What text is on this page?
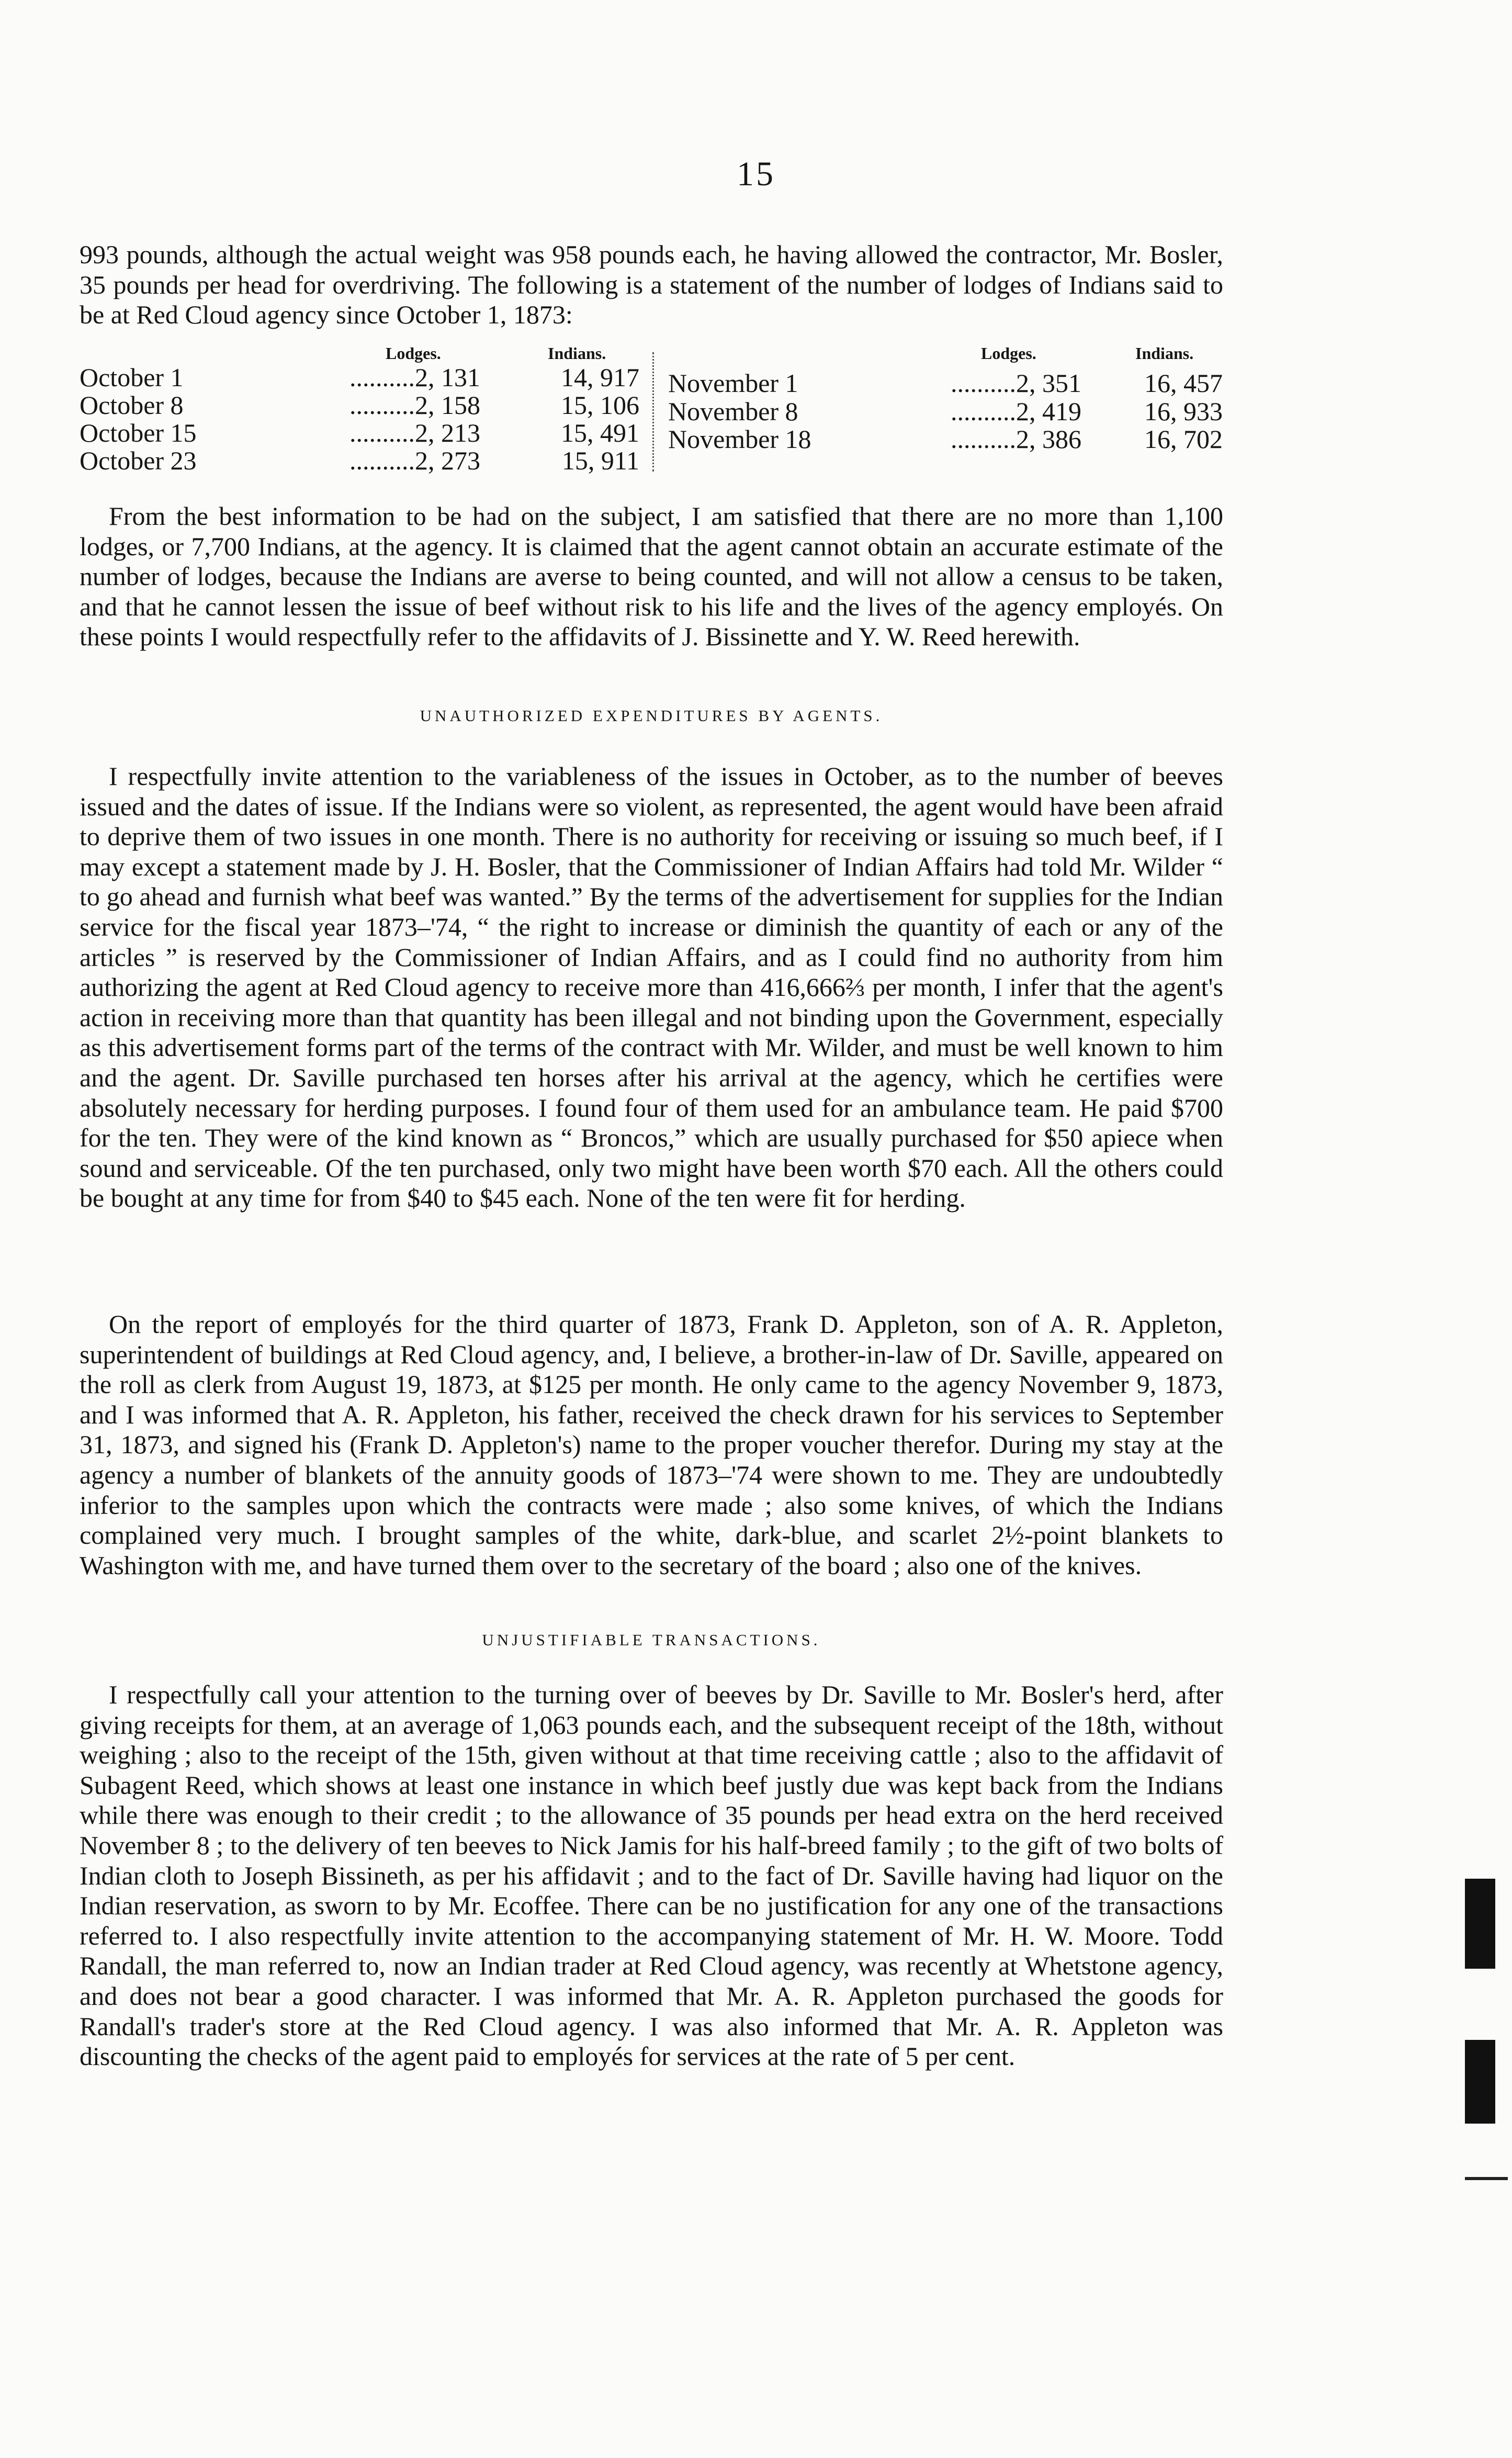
15

993 pounds, although the actual weight was 958 pounds each, he having allowed the contractor, Mr. Bosler, 35 pounds per head for overdriving. The following is a statement of the number of lodges of Indians said to be at Red Cloud agency since October 1, 1873:

Lodges.	Indians.	Lodges.	Indians.
October 1	..........2, 131	14, 917
October 8	..........2, 158	15, 106
October 15	..........2, 213	15, 491
October 23	..........2, 273	15, 911
November 1	..........2, 351	16, 457
November 8	..........2, 419	16, 933
November 18	..........2, 386	16, 702

From the best information to be had on the subject, I am satisfied that there are no more than 1,100 lodges, or 7,700 Indians, at the agency. It is claimed that the agent cannot obtain an accurate estimate of the number of lodges, because the Indians are averse to being counted, and will not allow a census to be taken, and that he cannot lessen the issue of beef without risk to his life and the lives of the agency employés. On these points I would respectfully refer to the affidavits of J. Bissinette and Y. W. Reed herewith.

UNAUTHORIZED EXPENDITURES BY AGENTS.

I respectfully invite attention to the variableness of the issues in October, as to the number of beeves issued and the dates of issue. If the Indians were so violent, as represented, the agent would have been afraid to deprive them of two issues in one month. There is no authority for receiving or issuing so much beef, if I may except a statement made by J. H. Bosler, that the Commissioner of Indian Affairs had told Mr. Wilder “ to go ahead and furnish what beef was wanted.” By the terms of the advertisement for supplies for the Indian service for the fiscal year 1873–'74, “ the right to increase or diminish the quantity of each or any of the articles ” is reserved by the Commissioner of Indian Affairs, and as I could find no authority from him authorizing the agent at Red Cloud agency to receive more than 416,666⅔ per month, I infer that the agent's action in receiving more than that quantity has been illegal and not binding upon the Government, especially as this advertisement forms part of the terms of the contract with Mr. Wilder, and must be well known to him and the agent. Dr. Saville purchased ten horses after his arrival at the agency, which he certifies were absolutely necessary for herding purposes. I found four of them used for an ambulance team. He paid $700 for the ten. They were of the kind known as “ Broncos,” which are usually purchased for $50 apiece when sound and serviceable. Of the ten purchased, only two might have been worth $70 each. All the others could be bought at any time for from $40 to $45 each. None of the ten were fit for herding.

On the report of employés for the third quarter of 1873, Frank D. Appleton, son of A. R. Appleton, superintendent of buildings at Red Cloud agency, and, I believe, a brother-in-law of Dr. Saville, appeared on the roll as clerk from August 19, 1873, at $125 per month. He only came to the agency November 9, 1873, and I was informed that A. R. Appleton, his father, received the check drawn for his services to September 31, 1873, and signed his (Frank D. Appleton's) name to the proper voucher therefor. During my stay at the agency a number of blankets of the annuity goods of 1873–'74 were shown to me. They are undoubtedly inferior to the samples upon which the contracts were made ; also some knives, of which the Indians complained very much. I brought samples of the white, dark-blue, and scarlet 2½-point blankets to Washington with me, and have turned them over to the secretary of the board ; also one of the knives.

UNJUSTIFIABLE TRANSACTIONS.

I respectfully call your attention to the turning over of beeves by Dr. Saville to Mr. Bosler's herd, after giving receipts for them, at an average of 1,063 pounds each, and the subsequent receipt of the 18th, without weighing ; also to the receipt of the 15th, given without at that time receiving cattle ; also to the affidavit of Subagent Reed, which shows at least one instance in which beef justly due was kept back from the Indians while there was enough to their credit ; to the allowance of 35 pounds per head extra on the herd received November 8 ; to the delivery of ten beeves to Nick Jamis for his half-breed family ; to the gift of two bolts of Indian cloth to Joseph Bissineth, as per his affidavit ; and to the fact of Dr. Saville having had liquor on the Indian reservation, as sworn to by Mr. Ecoffee. There can be no justification for any one of the transactions referred to. I also respectfully invite attention to the accompanying statement of Mr. H. W. Moore. Todd Randall, the man referred to, now an Indian trader at Red Cloud agency, was recently at Whetstone agency, and does not bear a good character. I was informed that Mr. A. R. Appleton purchased the goods for Randall's trader's store at the Red Cloud agency. I was also informed that Mr. A. R. Appleton was discounting the checks of the agent paid to employés for services at the rate of 5 per cent.
